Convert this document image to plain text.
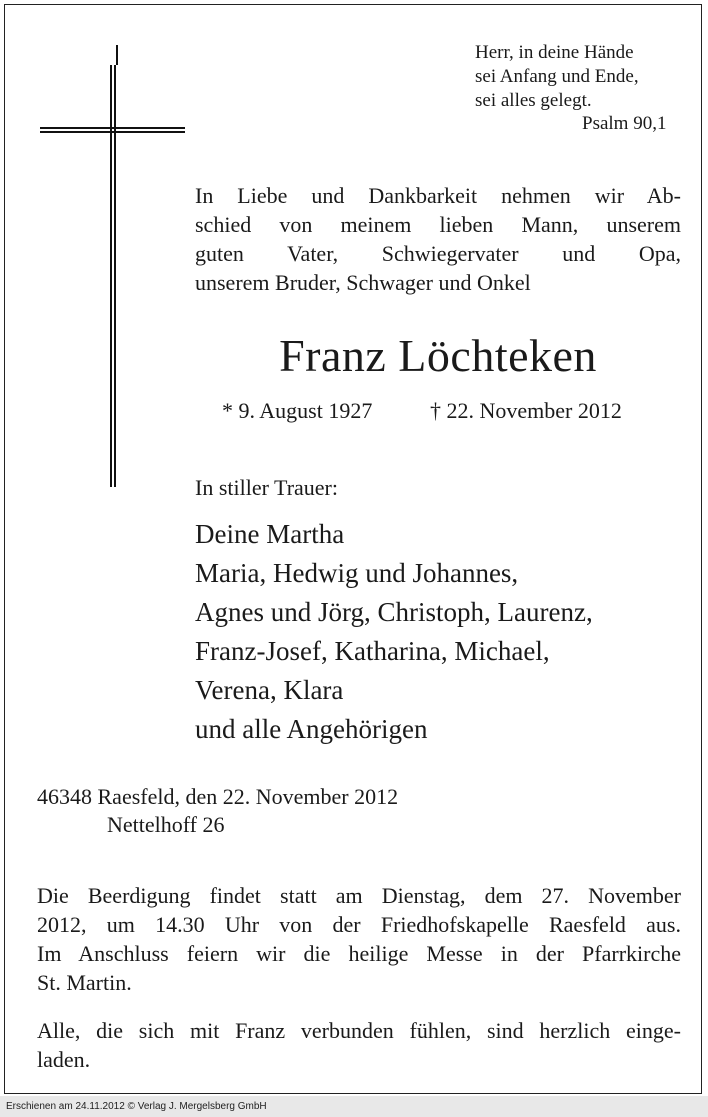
Herr, in deine Hände
sei Anfang und Ende,
sei alles gelegt.
Psalm 90,1
In Liebe und Dankbarkeit nehmen wir Ab-
schied von meinem lieben Mann, unserem
guten Vater, Schwiegervater und Opa,
unserem Bruder, Schwager und Onkel
Franz Löchteken
* 9. August 1927	† 22. November 2012
In stiller Trauer:
Deine Martha
Maria, Hedwig und Johannes,
Agnes und Jörg, Christoph, Laurenz,
Franz-Josef, Katharina, Michael,
Verena, Klara
und alle Angehörigen
46348 Raesfeld, den 22. November 2012
Nettelhoff 26
Die Beerdigung findet statt am Dienstag, dem 27. November
2012, um 14.30 Uhr von der Friedhofskapelle Raesfeld aus.
Im Anschluss feiern wir die heilige Messe in der Pfarrkirche
St. Martin.
Alle, die sich mit Franz verbunden fühlen, sind herzlich einge-
laden.
Erschienen am 24.11.2012 © Verlag J. Mergelsberg GmbH
